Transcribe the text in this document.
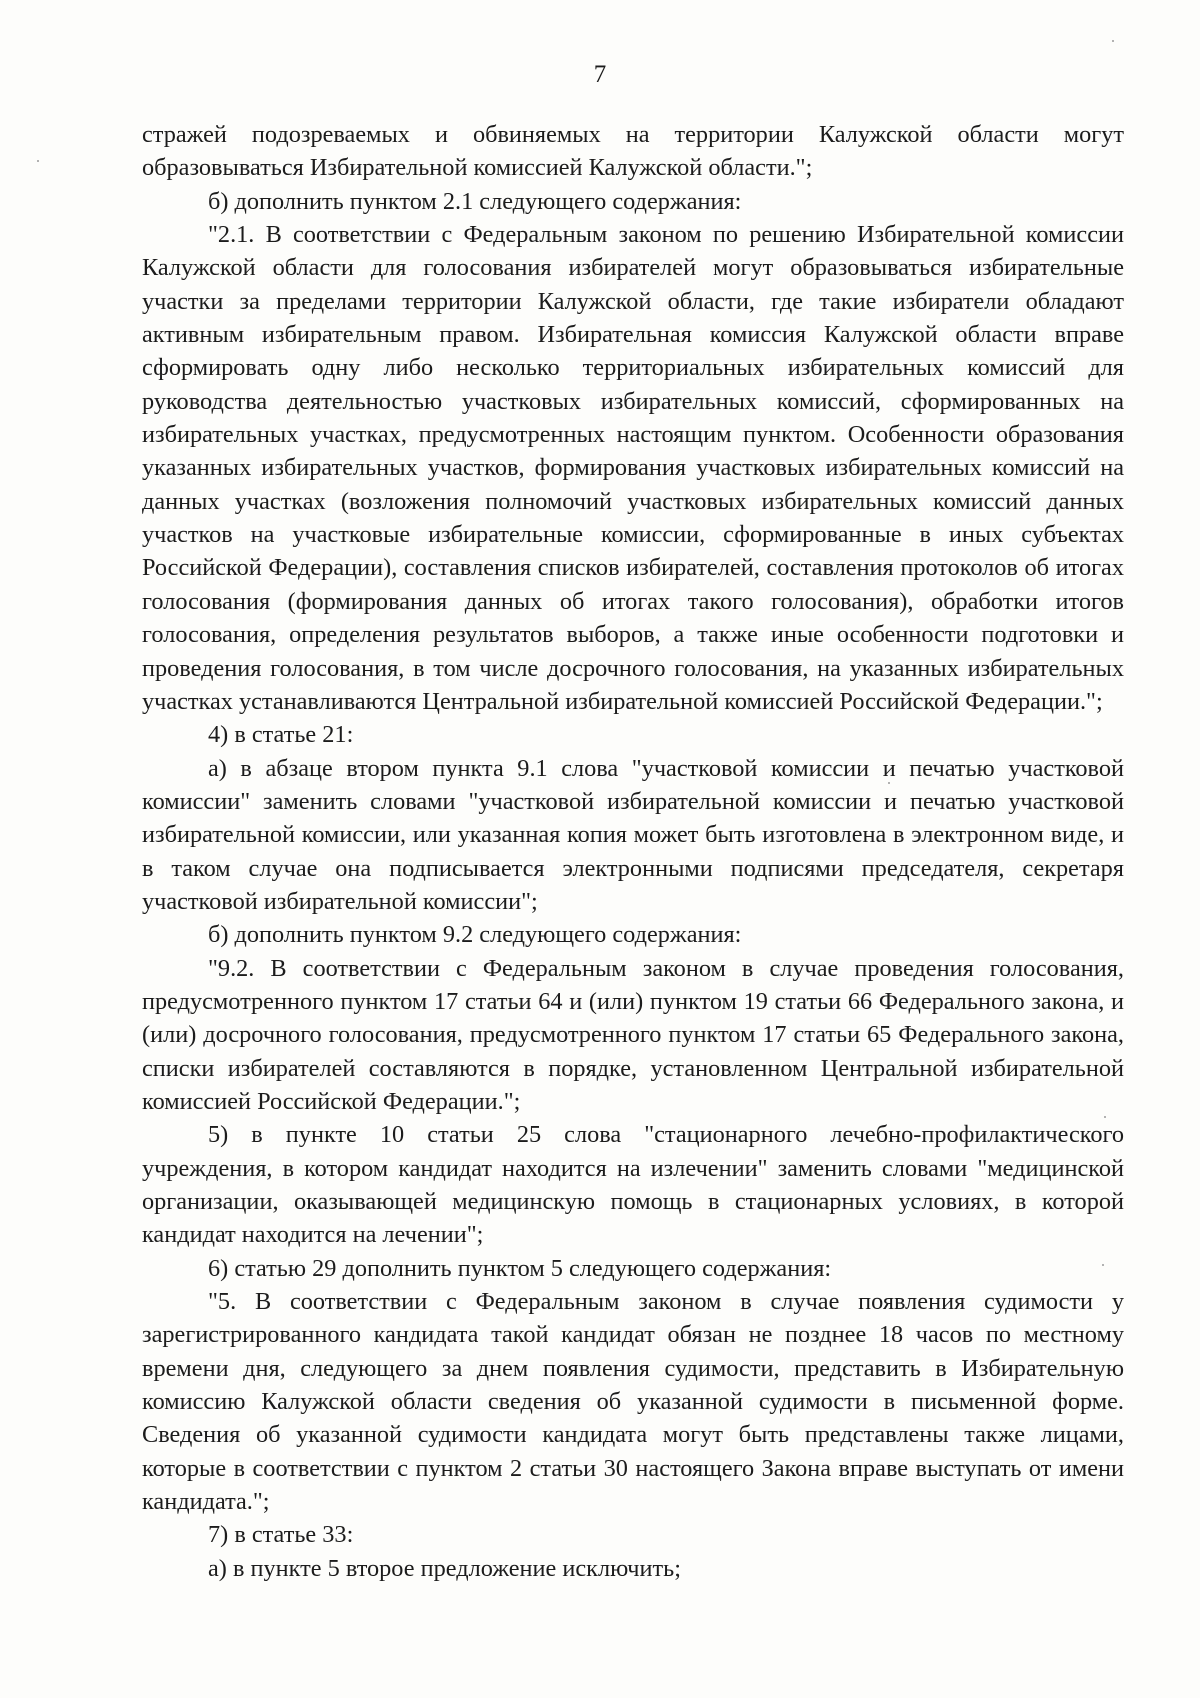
7

стражей подозреваемых и обвиняемых на территории Калужской области могут образовываться Избирательной комиссией Калужской области.";

б) дополнить пунктом 2.1 следующего содержания:

"2.1. В соответствии с Федеральным законом по решению Избирательной комиссии Калужской области для голосования избирателей могут образовываться избирательные участки за пределами территории Калужской области, где такие избиратели обладают активным избирательным правом. Избирательная комиссия Калужской области вправе сформировать одну либо несколько территориальных избирательных комиссий для руководства деятельностью участковых избирательных комиссий, сформированных на избирательных участках, предусмотренных настоящим пунктом. Особенности образования указанных избирательных участков, формирования участковых избирательных комиссий на данных участках (возложения полномочий участковых избирательных комиссий данных участков на участковые избирательные комиссии, сформированные в иных субъектах Российской Федерации), составления списков избирателей, составления протоколов об итогах голосования (формирования данных об итогах такого голосования), обработки итогов голосования, определения результатов выборов, а также иные особенности подготовки и проведения голосования, в том числе досрочного голосования, на указанных избирательных участках устанавливаются Центральной избирательной комиссией Российской Федерации.";

4) в статье 21:

а) в абзаце втором пункта 9.1 слова "участковой комиссии и печатью участковой комиссии" заменить словами "участковой избирательной комиссии и печатью участковой избирательной комиссии, или указанная копия может быть изготовлена в электронном виде, и в таком случае она подписывается электронными подписями председателя, секретаря участковой избирательной комиссии";

б) дополнить пунктом 9.2 следующего содержания:

"9.2. В соответствии с Федеральным законом в случае проведения голосования, предусмотренного пунктом 17 статьи 64 и (или) пунктом 19 статьи 66 Федерального закона, и (или) досрочного голосования, предусмотренного пунктом 17 статьи 65 Федерального закона, списки избирателей составляются в порядке, установленном Центральной избирательной комиссией Российской Федерации.";

5) в пункте 10 статьи 25 слова "стационарного лечебно-профилактического учреждения, в котором кандидат находится на излечении" заменить словами "медицинской организации, оказывающей медицинскую помощь в стационарных условиях, в которой кандидат находится на лечении";

6) статью 29 дополнить пунктом 5 следующего содержания:

"5. В соответствии с Федеральным законом в случае появления судимости у зарегистрированного кандидата такой кандидат обязан не позднее 18 часов по местному времени дня, следующего за днем появления судимости, представить в Избирательную комиссию Калужской области сведения об указанной судимости в письменной форме. Сведения об указанной судимости кандидата могут быть представлены также лицами, которые в соответствии с пунктом 2 статьи 30 настоящего Закона вправе выступать от имени кандидата.";

7) в статье 33:

а) в пункте 5 второе предложение исключить;
